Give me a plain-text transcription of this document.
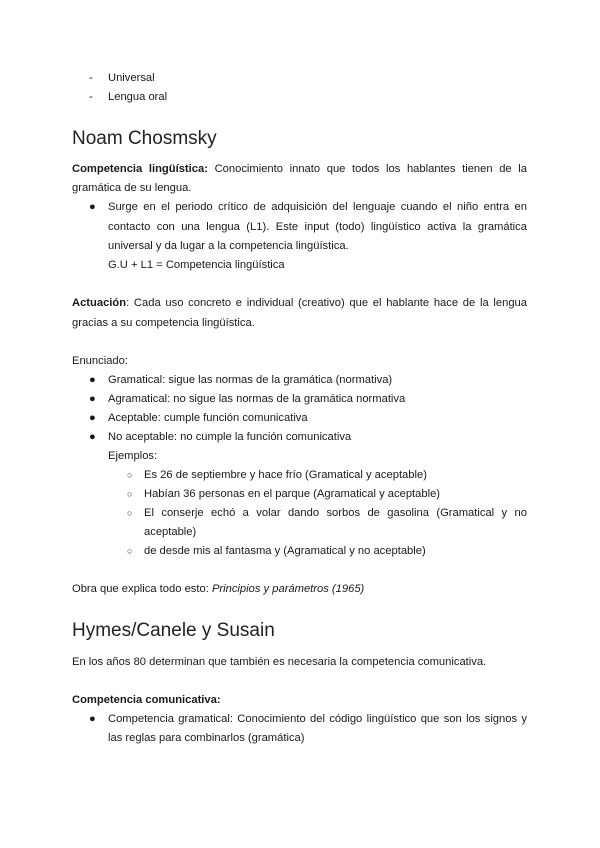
- Universal
- Lengua oral
Noam Chosmsky
Competencia lingüística: Conocimiento innato que todos los hablantes tienen de la
gramática de su lengua.
● Surge en el periodo crítico de adquisición del lenguaje cuando el niño entra en
contacto con una lengua (L1). Este input (todo) lingüístico activa la gramática
universal y da lugar a la competencia lingüística.
G.U + L1 = Competencia lingüística
Actuación: Cada uso concreto e individual (creativo) que el hablante hace de la lengua
gracias a su competencia lingüística.
Enunciado:
● Gramatical: sigue las normas de la gramática (normativa)
● Agramatical: no sigue las normas de la gramática normativa
● Aceptable: cumple función comunicativa
● No aceptable: no cumple la función comunicativa
Ejemplos:
○ Es 26 de septiembre y hace frío (Gramatical y aceptable)
○ Habían 36 personas en el parque (Agramatical y aceptable)
○ El conserje echó a volar dando sorbos de gasolina (Gramatical y no
aceptable)
○ de desde mis al fantasma y (Agramatical y no aceptable)
Obra que explica todo esto: Principios y parámetros (1965)
Hymes/Canele y Susain
En los años 80 determinan que también es necesaria la competencia comunicativa.
Competencia comunicativa:
● Competencia gramatical: Conocimiento del código lingüístico que son los signos y
las reglas para combinarlos (gramática)
